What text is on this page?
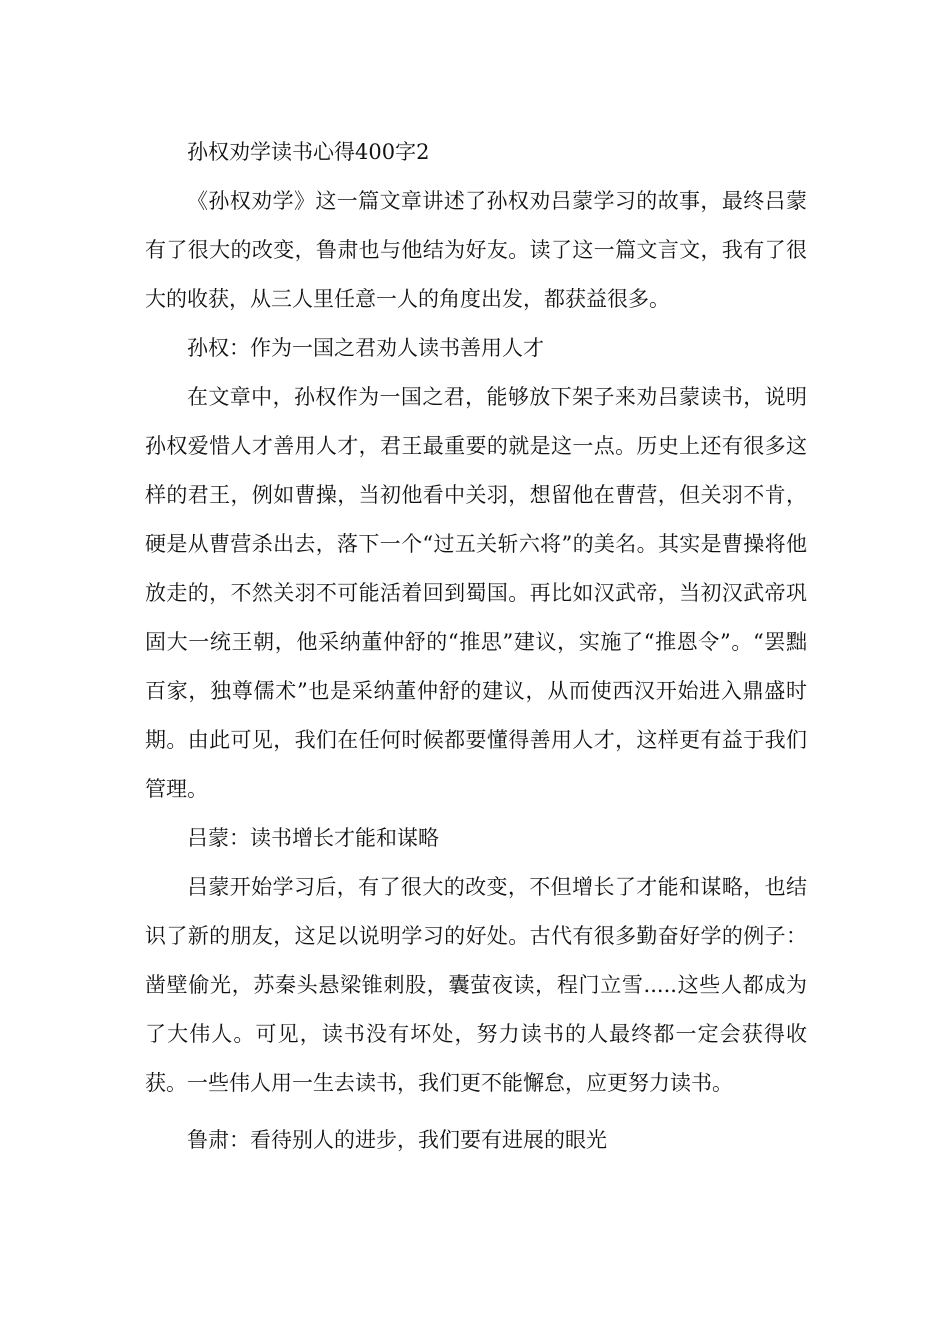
孙权劝学读书心得400字2

《孙权劝学》这一篇文章讲述了孙权劝吕蒙学习的故事，最终吕蒙有了很大的改变，鲁肃也与他结为好友。读了这一篇文言文，我有了很大的收获，从三人里任意一人的角度出发，都获益很多。

孙权：作为一国之君劝人读书善用人才

在文章中，孙权作为一国之君，能够放下架子来劝吕蒙读书，说明孙权爱惜人才善用人才，君王最重要的就是这一点。历史上还有很多这样的君王，例如曹操，当初他看中关羽，想留他在曹营，但关羽不肯，硬是从曹营杀出去，落下一个“过五关斩六将”的美名。其实是曹操将他放走的，不然关羽不可能活着回到蜀国。再比如汉武帝，当初汉武帝巩固大一统王朝，他采纳董仲舒的“推思”建议，实施了“推恩令”。“罢黜百家，独尊儒术”也是采纳董仲舒的建议，从而使西汉开始进入鼎盛时期。由此可见，我们在任何时候都要懂得善用人才，这样更有益于我们管理。

吕蒙：读书增长才能和谋略

吕蒙开始学习后，有了很大的改变，不但增长了才能和谋略，也结识了新的朋友，这足以说明学习的好处。古代有很多勤奋好学的例子：凿壁偷光，苏秦头悬梁锥刺股，囊萤夜读，程门立雪.....这些人都成为了大伟人。可见，读书没有坏处，努力读书的人最终都一定会获得收获。一些伟人用一生去读书，我们更不能懈怠，应更努力读书。

鲁肃：看待别人的进步，我们要有进展的眼光
